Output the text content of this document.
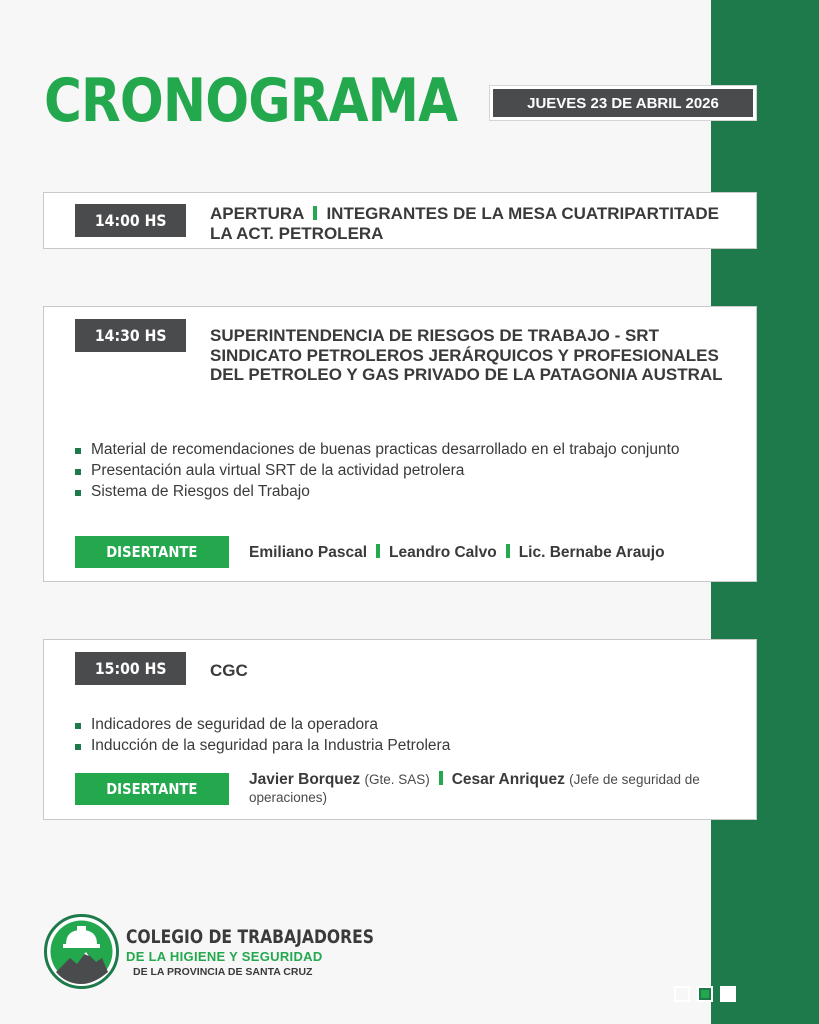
CRONOGRAMA	JUEVES 23 DE ABRIL 2026
14:00 HS	APERTURA INTEGRANTES DE LA MESA CUATRIPARTITADE LA ACT. PETROLERA
14:30 HS	SUPERINTENDENCIA DE RIESGOS DE TRABAJO - SRT SINDICATO PETROLEROS JERÁRQUICOS Y PROFESIONALES DEL PETROLEO Y GAS PRIVADO DE LA PATAGONIA AUSTRAL
Material de recomendaciones de buenas practicas desarrollado en el trabajo conjunto
Presentación aula virtual SRT de la actividad petrolera
Sistema de Riesgos del Trabajo
DISERTANTE	Emiliano Pascal Leandro Calvo Lic. Bernabe Araujo
15:00 HS	CGC
Indicadores de seguridad de la operadora
Inducción de la seguridad para la Industria Petrolera
DISERTANTE
Javier Borquez (Gte. SAS) Cesar Anriquez (Jefe de seguridad de operaciones)
COLEGIO DE TRABAJADORES
DE LA HIGIENE Y SEGURIDAD
DE LA PROVINCIA DE SANTA CRUZ
